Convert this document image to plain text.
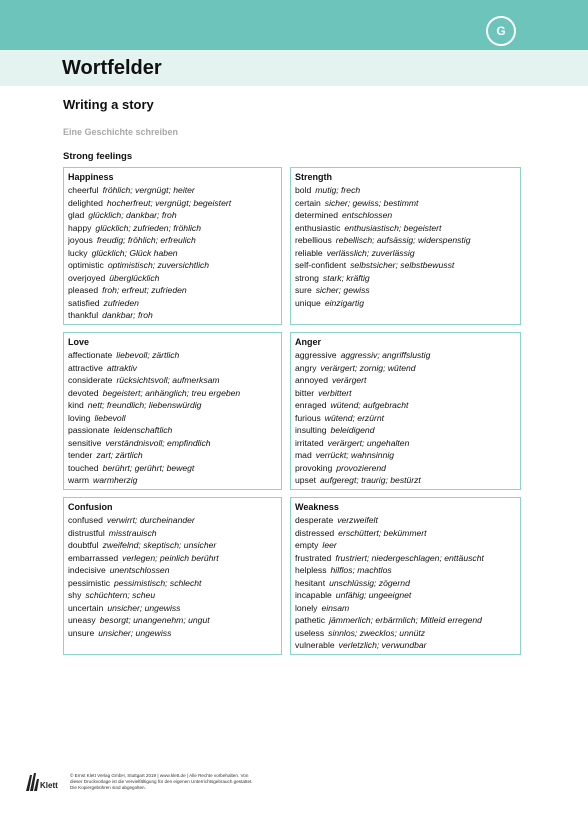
G
Wortfelder
Writing a story
Eine Geschichte schreiben
Strong feelings
Happiness
cheerful fröhlich; vergnügt; heiter
delighted hocherfreut; vergnügt; begeistert
glad glücklich; dankbar; froh
happy glücklich; zufrieden; fröhlich
joyous freudig; fröhlich; erfreulich
lucky glücklich; Glück haben
optimistic optimistisch; zuversichtlich
overjoyed überglücklich
pleased froh; erfreut; zufrieden
satisfied zufrieden
thankful dankbar; froh
Strength
bold mutig; frech
certain sicher; gewiss; bestimmt
determined entschlossen
enthusiastic enthusiastisch; begeistert
rebellious rebellisch; aufsässig; widerspenstig
reliable verlässlich; zuverlässig
self-confident selbstsicher; selbstbewusst
strong stark; kräftig
sure sicher; gewiss
unique einzigartig
Love
affectionate liebevoll; zärtlich
attractive attraktiv
considerate rücksichtsvoll; aufmerksam
devoted begeistert; anhänglich; treu ergeben
kind nett; freundlich; liebenswürdig
loving liebevoll
passionate leidenschaftlich
sensitive verständnisvoll; empfindlich
tender zart; zärtlich
touched berührt; gerührt; bewegt
warm warmherzig
Anger
aggressive aggressiv; angriffslustig
angry verärgert; zornig; wütend
annoyed verärgert
bitter verbittert
enraged wütend; aufgebracht
furious wütend; erzürnt
insulting beleidigend
irritated verärgert; ungehalten
mad verrückt; wahnsinnig
provoking provozierend
upset aufgeregt; traurig; bestürzt
Confusion
confused verwirrt; durcheinander
distrustful misstrauisch
doubtful zweifelnd; skeptisch; unsicher
embarrassed verlegen; peinlich berührt
indecisive unentschlossen
pessimistic pessimistisch; schlecht
shy schüchtern; scheu
uncertain unsicher; ungewiss
uneasy besorgt; unangenehm; ungut
unsure unsicher; ungewiss
Weakness
desperate verzweifelt
distressed erschüttert; bekümmert
empty leer
frustrated frustriert; niedergeschlagen; enttäuscht
helpless hilflos; machtlos
hesitant unschlüssig; zögernd
incapable unfähig; ungeeignet
lonely einsam
pathetic jämmerlich; erbärmlich; Mitleid erregend
useless sinnlos; zwecklos; unnütz
vulnerable verletzlich; verwundbar
Klett
© Ernst Klett Verlag GmbH, Stuttgart 2019 | www.klett.de | Alle Rechte vorbehalten. Von dieser Druckvorlage ist die Vervielfältigung für den eigenen Unterrichtsgebrauch gestattet. Die Kopiergebühren sind abgegolten.
